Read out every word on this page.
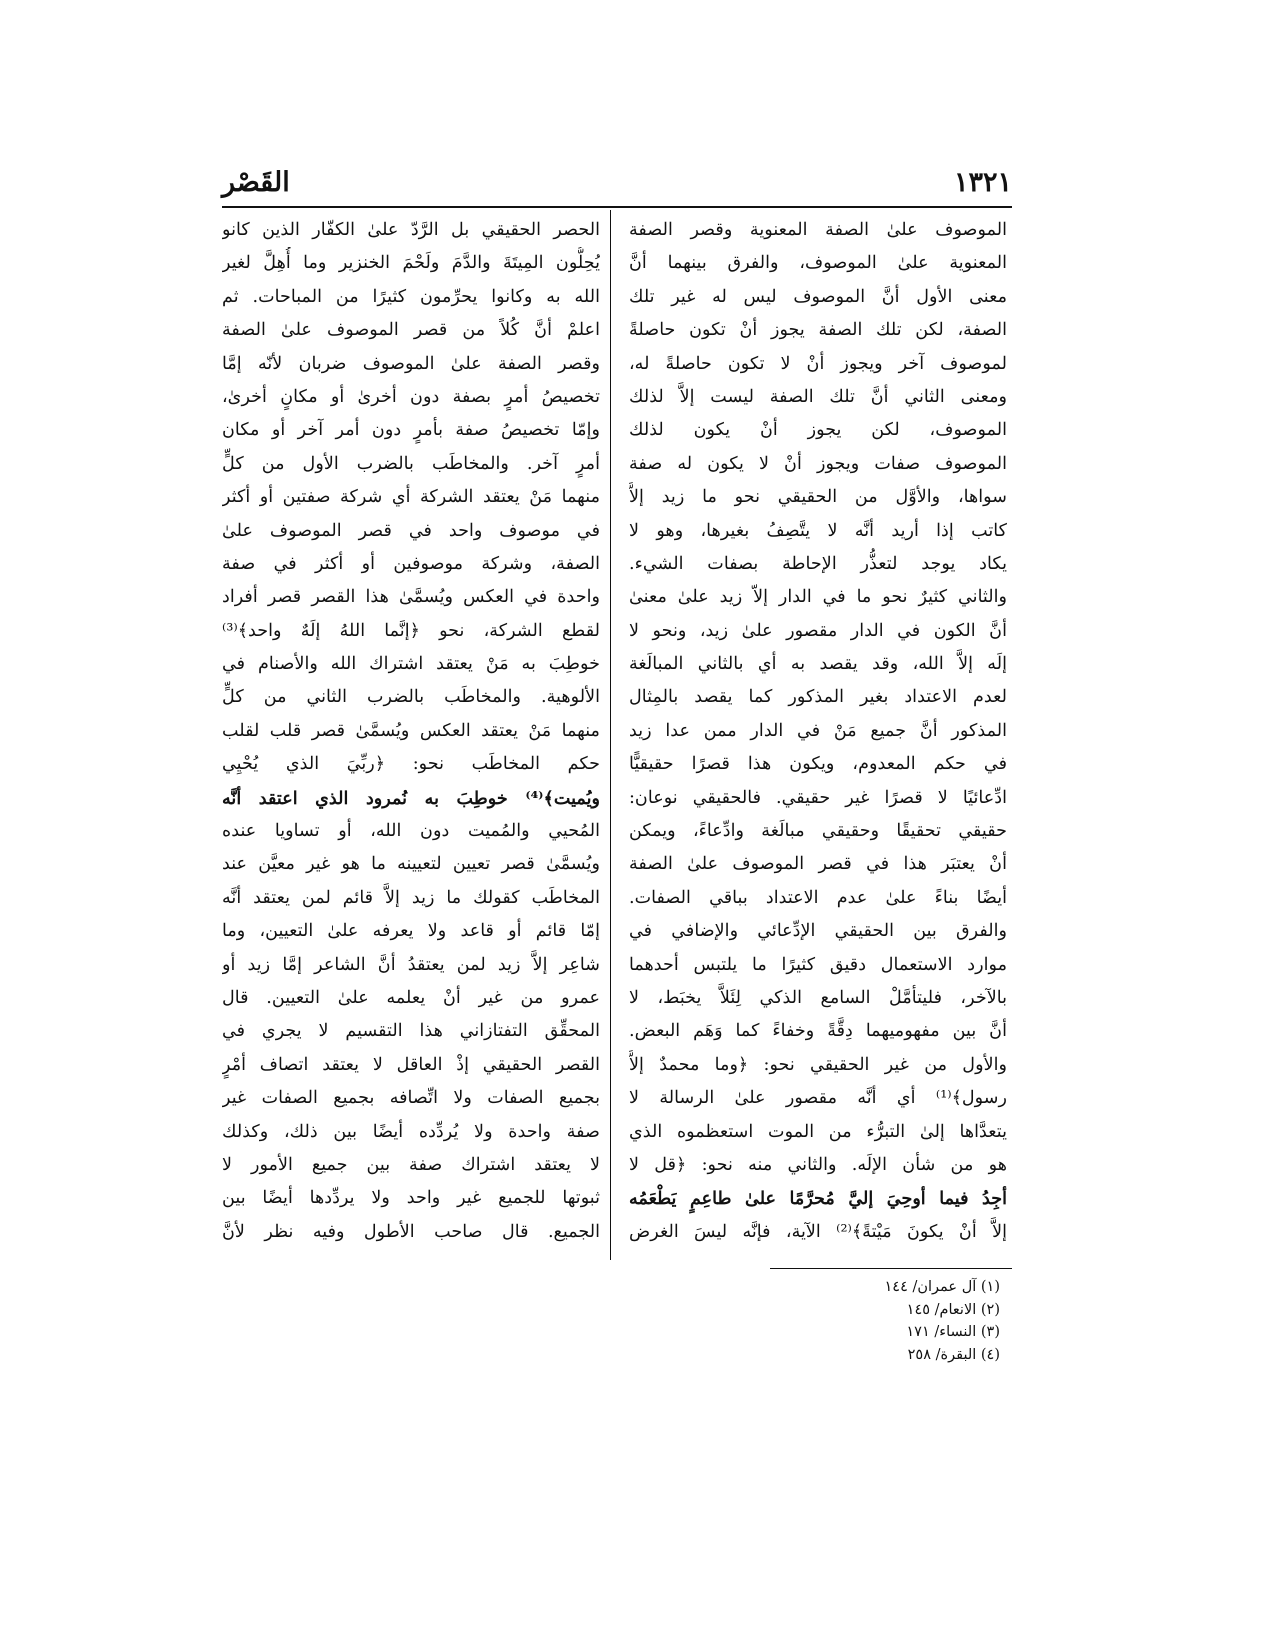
١٣٢١
القَصْر
الموصوف علىٰ الصفة المعنوية وقصر الصفة
المعنوية علىٰ الموصوف، والفرق بينهما أنَّ
معنى الأول أنَّ الموصوف ليس له غير تلك
الصفة، لكن تلك الصفة يجوز أنْ تكون حاصلةً
لموصوف آخر ويجوز أنْ لا تكون حاصلةً له،
ومعنى الثاني أنَّ تلك الصفة ليست إلاَّ لذلك
الموصوف، لكن يجوز أنْ يكون لذلك
الموصوف صفات ويجوز أنْ لا يكون له صفة
سواها، والأوَّل من الحقيقي نحو ما زيد إلاَّ
كاتب إذا أريد أنَّه لا يتَّصِفُ بغيرها، وهو لا
يكاد يوجد لتعذُّر الإحاطة بصفات الشيء.
والثاني كثيرٌ نحو ما في الدار إلاّ زيد علىٰ معنىٰ
أنَّ الكون في الدار مقصور علىٰ زيد، ونحو لا
إلَه إلاَّ الله، وقد يقصد به أي بالثاني المبالَغة
لعدم الاعتداد بغير المذكور كما يقصد بالمِثال
المذكور أنَّ جميع مَنْ في الدار ممن عدا زيد
في حكم المعدوم، ويكون هذا قصرًا حقيقيًّا
ادِّعائيًا لا قصرًا غير حقيقي. فالحقيقي نوعان:
حقيقي تحقيقًا وحقيقي مبالَغة وادِّعاءً، ويمكن
أنْ يعتبَر هذا في قصر الموصوف علىٰ الصفة
أيضًا بناءً علىٰ عدم الاعتداد بباقي الصفات.
والفرق بين الحقيقي الإدِّعائي والإضافي في
موارد الاستعمال دقيق كثيرًا ما يلتبس أحدهما
بالآخر، فليتأمَّلْ السامع الذكي لِئَلاَّ يخبَط، لا
أنَّ بين مفهوميهما دِقَّةً وخفاءً كما وَهَم البعض.
والأول من غير الحقيقي نحو: ﴿وما محمدٌ إلاَّ
رسول﴾⁽¹⁾ أي أنَّه مقصور علىٰ الرسالة لا
يتعدَّاها إلىٰ التبرُّء من الموت استعظموه الذي
هو من شأن الإلَه. والثاني منه نحو: ﴿قل لا
أجِدُ فيما أوحِيَ إليَّ مُحرَّمًا علىٰ طاعِمٍ يَطْعَمُه
إلاَّ أنْ يكونَ مَيْتةً﴾⁽²⁾ الآية، فإنَّه ليسَ الغرض
الحصر الحقيقي بل الرَّدّ علىٰ الكفّار الذين كانو
يُحِلُّون المِيتَةَ والدَّمَ ولَحْمَ الخنزير وما أُهِلَّ لغير
الله به وكانوا يحرِّمون كثيرًا من المباحات. ثم
اعلمْ أنَّ كُلاً من قصر الموصوف علىٰ الصفة
وقصر الصفة علىٰ الموصوف ضربان لأنّه إمَّا
تخصيصُ أمرٍ بصفة دون أخرىٰ أو مكانٍ أخرىٰ،
وإمّا تخصيصُ صفة بأمرٍ دون أمر آخر أو مكان
أمرٍ آخر. والمخاطَب بالضرب الأول من كلٍّ
منهما مَنْ يعتقد الشركة أي شركة صفتين أو أكثر
في موصوف واحد في قصر الموصوف علىٰ
الصفة، وشركة موصوفين أو أكثر في صفة
واحدة في العكس ويُسمَّىٰ هذا القصر قصر أفراد
لقطع الشركة، نحو ﴿إنَّما اللهُ إلَهٌ واحد﴾⁽³⁾
خوطِبَ به مَنْ يعتقد اشتراك الله والأصنام في
الألوهية. والمخاطَب بالضرب الثاني من كلٍّ
منهما مَنْ يعتقد العكس ويُسمَّىٰ قصر قلب لقلب
حكم المخاطَب نحو: ﴿ربِّيَ الذي يُحْيِي
ويُميت﴾⁽⁴⁾ خوطِبَ به نُمرود الذي اعتقد أنَّه
المُحيي والمُميت دون الله، أو تساويا عنده
ويُسمَّىٰ قصر تعيين لتعيينه ما هو غير معيَّن عند
المخاطَب كقولك ما زيد إلاَّ قائم لمن يعتقد أنَّه
إمّا قائم أو قاعد ولا يعرفه علىٰ التعيين، وما
شاعِر إلاَّ زيد لمن يعتقدُ أنَّ الشاعر إمَّا زيد أو
عمرو من غير أنْ يعلمه علىٰ التعيين. قال
المحقِّق التفتازاني هذا التقسيم لا يجري في
القصر الحقيقي إذْ العاقل لا يعتقد اتصاف أمْرٍ
بجميع الصفات ولا اتِّصافه بجميع الصفات غير
صفة واحدة ولا يُردِّده أيضًا بين ذلك، وكذلك
لا يعتقد اشتراك صفة بين جميع الأمور لا
ثبوتها للجميع غير واحد ولا يردِّدها أيضًا بين
الجميع. قال صاحب الأطول وفيه نظر لأنَّ
(١) آل عمران/ ١٤٤
(٢) الانعام/ ١٤٥
(٣) النساء/ ١٧١
(٤) البقرة/ ٢٥٨
